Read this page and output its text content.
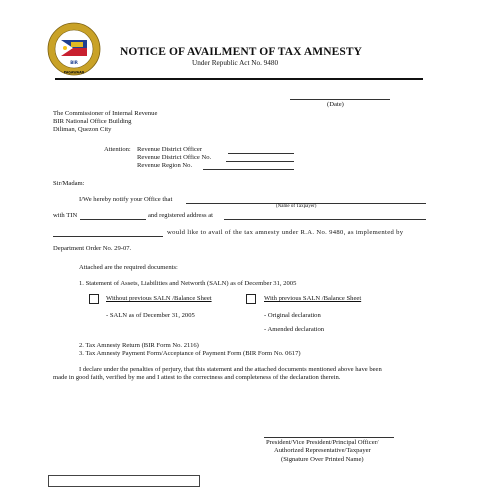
BIR
PAGAWAAN
NOTICE OF AVAILMENT OF TAX AMNESTY
Under Republic Act No. 9480
(Date)
The Commissioner of Internal Revenue
BIR National Office Building
Diliman, Quezon City
Attention: Revenue District Officer
Revenue District Office No.
Revenue Region No.
Sir/Madam:
I/We hereby notify your Office that
(Name of Taxpayer)
with TIN	and registered address at
would like to avail of the tax amnesty under R.A. No. 9480, as implemented by
Department Order No. 29-07.
Attached are the required documents:
1. Statement of Assets, Liabilities and Networth (SALN) as of December 31, 2005
Without previous SALN /Balance Sheet	With previous SALN /Balance Sheet
- SALN as of December 31, 2005	- Original declaration
- Amended declaration
2. Tax Amnesty Return (BIR Form No. 2116)
3. Tax Amnesty Payment Form/Acceptance of Payment Form (BIR Form No. 0617)
I declare under the penalties of perjury, that this statement and the attached documents mentioned above have been
made in good faith, verified by me and I attest to the correctness and completeness of the declaration therein.
President/Vice President/Principal Officer/
Authorized Representative/Taxpayer
(Signature Over Printed Name)
